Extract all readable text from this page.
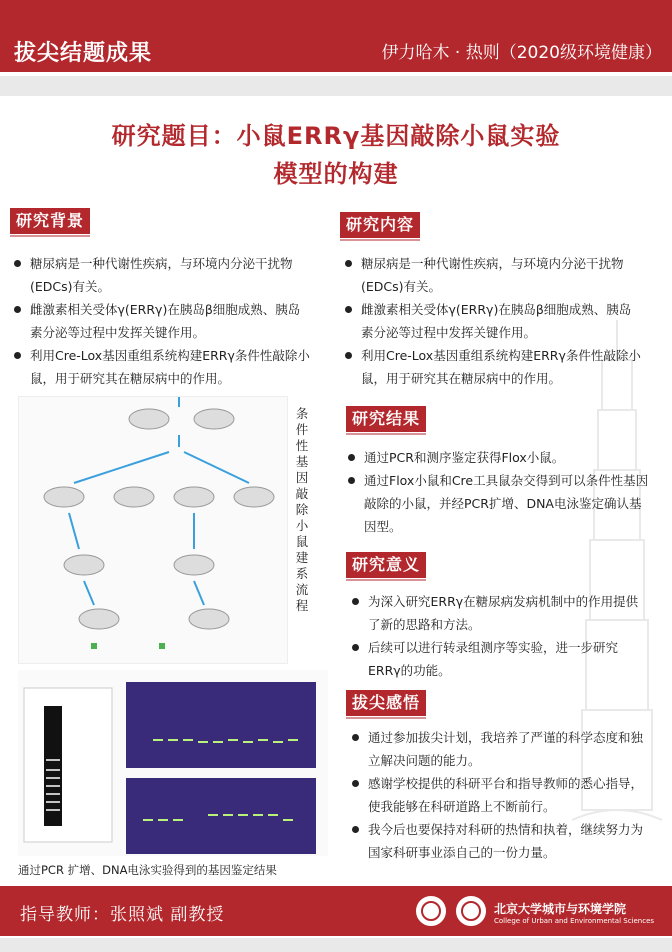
拔尖结题成果	伊力哈木 · 热则（2020级环境健康）
研究题目：小鼠ERRγ基因敲除小鼠实验
模型的构建
研究背景
糖尿病是一种代谢性疾病，与环境内分泌干扰物(EDCs)有关。
雌激素相关受体γ(ERRγ)在胰岛β细胞成熟、胰岛素分泌等过程中发挥关键作用。
利用Cre-Lox基因重组系统构建ERRγ条件性敲除小鼠，用于研究其在糖尿病中的作用。
条件性基因敲除小鼠建系流程
通过PCR 扩增、DNA电泳实验得到的基因鉴定结果
研究内容
糖尿病是一种代谢性疾病，与环境内分泌干扰物(EDCs)有关。
雌激素相关受体γ(ERRγ)在胰岛β细胞成熟、胰岛素分泌等过程中发挥关键作用。
利用Cre-Lox基因重组系统构建ERRγ条件性敲除小鼠，用于研究其在糖尿病中的作用。
研究结果
通过PCR和测序鉴定获得Flox小鼠。
通过Flox小鼠和Cre工具鼠杂交得到可以条件性基因敲除的小鼠，并经PCR扩增、DNA电泳鉴定确认基因型。
研究意义
为深入研究ERRγ在糖尿病发病机制中的作用提供了新的思路和方法。
后续可以进行转录组测序等实验，进一步研究ERRγ的功能。
拔尖感悟
通过参加拔尖计划，我培养了严谨的科学态度和独立解决问题的能力。
感谢学校提供的科研平台和指导教师的悉心指导，使我能够在科研道路上不断前行。
我今后也要保持对科研的热情和执着，继续努力为国家科研事业添自己的一份力量。
指导教师：张照斌 副教授	北京大学城市与环境学院
College of Urban and Environmental Sciences
